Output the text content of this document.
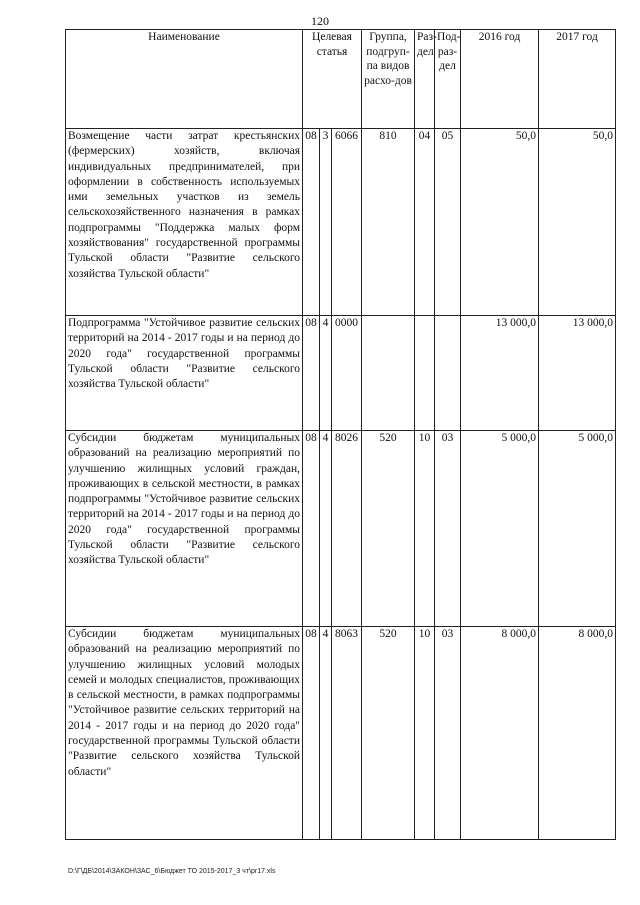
120
Наименование	Целевая статья			Группа, подгруп-па видов расхо-дов	Раз-дел	Под-раз-дел	2016 год	2017 год
Возмещение части затрат крестьянских (фермерских) хозяйств, включая индивидуальных предпринимателей, при оформлении в собственность используемых ими земельных участков из земель сельскохозяйственного назначения в рамках подпрограммы "Поддержка малых форм хозяйствования" государственной программы Тульской области "Развитие сельского хозяйства Тульской области"	08	3	6066	810	04	05	50,0	50,0
Подпрограмма "Устойчивое развитие сельских территорий на 2014 - 2017 годы и на период до 2020 года" государственной программы Тульской области "Развитие сельского хозяйства Тульской области"	08	4	0000				13 000,0	13 000,0
Субсидии бюджетам муниципальных образований на реализацию мероприятий по улучшению жилищных условий граждан, проживающих в сельской местности, в рамках подпрограммы "Устойчивое развитие сельских территорий на 2014 - 2017 годы и на период до 2020 года" государственной программы Тульской области "Развитие сельского хозяйства Тульской области"	08	4	8026	520	10	03	5 000,0	5 000,0
Субсидии бюджетам муниципальных образований на реализацию мероприятий по улучшению жилищных условий молодых семей и молодых специалистов, проживающих в сельской местности, в рамках подпрограммы "Устойчивое развитие сельских территорий на 2014 - 2017 годы и на период до 2020 года" государственной программы Тульской области "Развитие сельского хозяйства Тульской области"	08	4	8063	520	10	03	8 000,0	8 000,0
D:\Г\ДБ\2014\ЗАКОН\ЗАС_6\Бюджет ТО 2015-2017_3 чт\pr17.xls
